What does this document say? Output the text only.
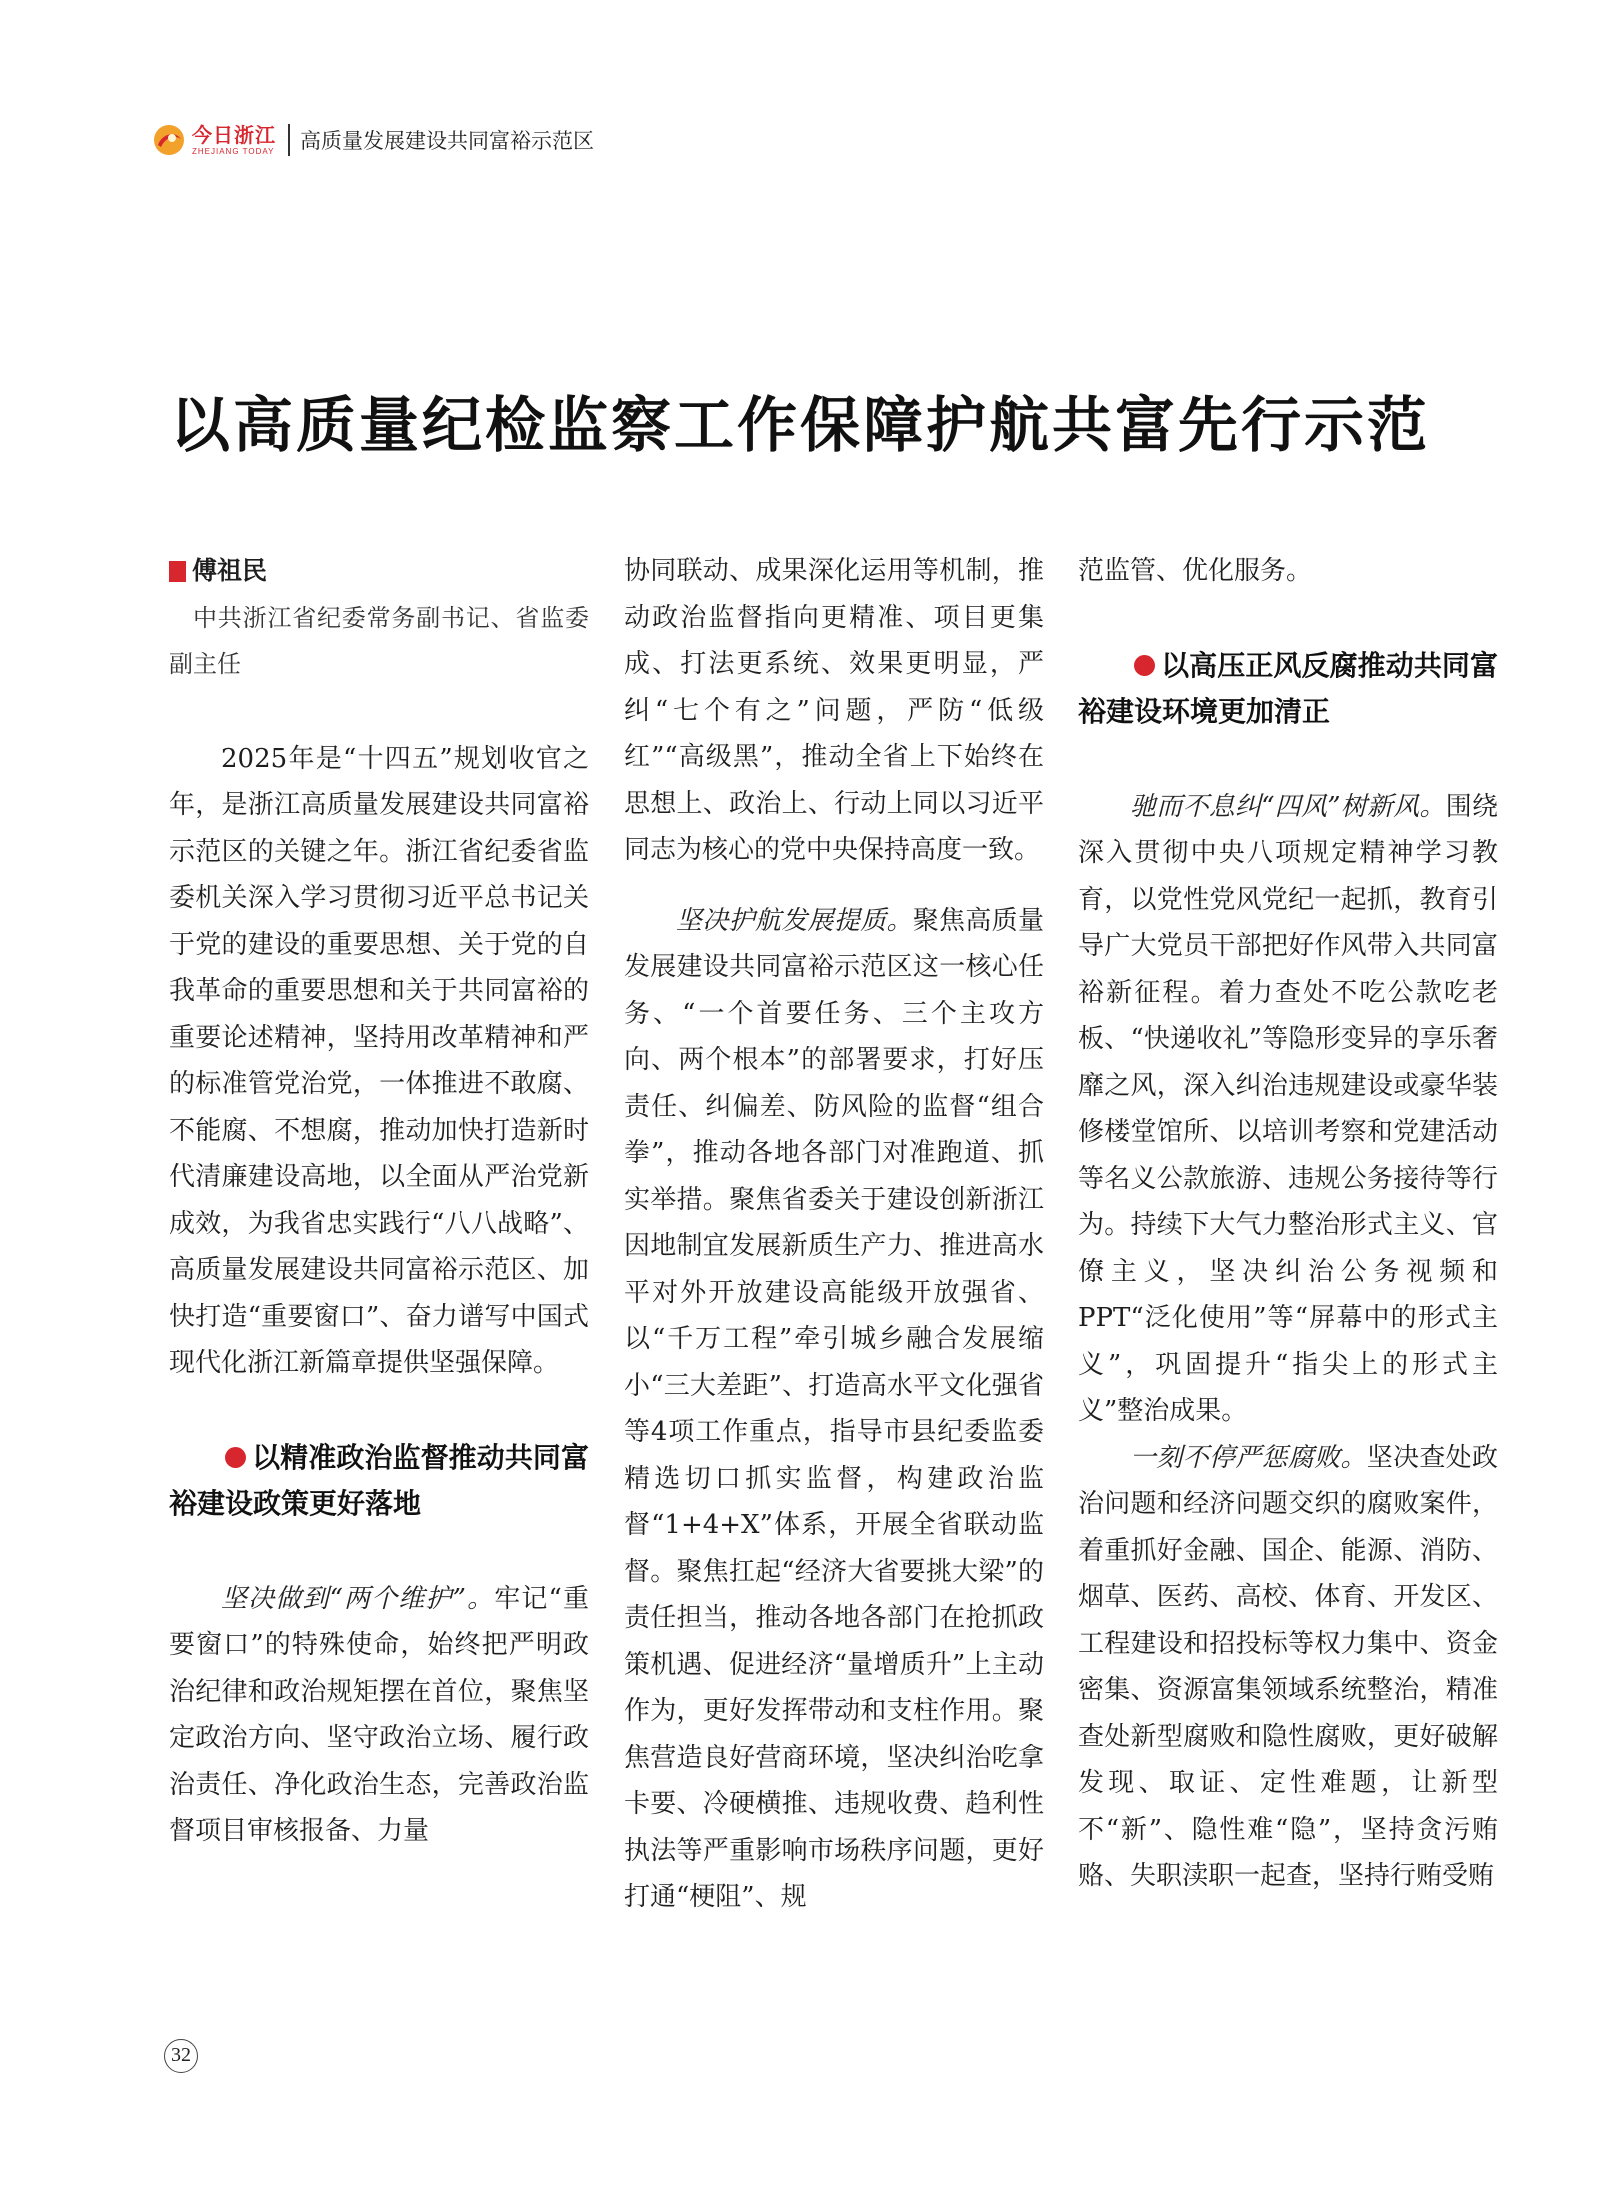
今日浙江
ZHEJIANG TODAY 高质量发展建设共同富裕示范区
以高质量纪检监察工作保障护航共富先行示范
傅祖民
中共浙江省纪委常务副书记、省监委副主任

2025年是“十四五”规划收官之年，是浙江高质量发展建设共同富裕示范区的关键之年。浙江省纪委省监委机关深入学习贯彻习近平总书记关于党的建设的重要思想、关于党的自我革命的重要思想和关于共同富裕的重要论述精神，坚持用改革精神和严的标准管党治党，一体推进不敢腐、不能腐、不想腐，推动加快打造新时代清廉建设高地，以全面从严治党新成效，为我省忠实践行“八八战略”、高质量发展建设共同富裕示范区、加快打造“重要窗口”、奋力谱写中国式现代化浙江新篇章提供坚强保障。

以精准政治监督推动共同富裕建设政策更好落地

坚决做到“两个维护”。牢记“重要窗口”的特殊使命，始终把严明政治纪律和政治规矩摆在首位，聚焦坚定政治方向、坚守政治立场、履行政治责任、净化政治生态，完善政治监督项目审核报备、力量

协同联动、成果深化运用等机制，推动政治监督指向更精准、项目更集成、打法更系统、效果更明显，严纠“七个有之”问题，严防“低级红”“高级黑”，推动全省上下始终在思想上、政治上、行动上同以习近平同志为核心的党中央保持高度一致。

坚决护航发展提质。聚焦高质量发展建设共同富裕示范区这一核心任务、“一个首要任务、三个主攻方向、两个根本”的部署要求，打好压责任、纠偏差、防风险的监督“组合拳”，推动各地各部门对准跑道、抓实举措。聚焦省委关于建设创新浙江因地制宜发展新质生产力、推进高水平对外开放建设高能级开放强省、以“千万工程”牵引城乡融合发展缩小“三大差距”、打造高水平文化强省等4项工作重点，指导市县纪委监委精选切口抓实监督，构建政治监督“1+4+X”体系，开展全省联动监督。聚焦扛起“经济大省要挑大梁”的责任担当，推动各地各部门在抢抓政策机遇、促进经济“量增质升”上主动作为，更好发挥带动和支柱作用。聚焦营造良好营商环境，坚决纠治吃拿卡要、冷硬横推、违规收费、趋利性执法等严重影响市场秩序问题，更好打通“梗阻”、规

范监管、优化服务。

以高压正风反腐推动共同富裕建设环境更加清正

驰而不息纠“四风”树新风。围绕深入贯彻中央八项规定精神学习教育，以党性党风党纪一起抓，教育引导广大党员干部把好作风带入共同富裕新征程。着力查处不吃公款吃老板、“快递收礼”等隐形变异的享乐奢靡之风，深入纠治违规建设或豪华装修楼堂馆所、以培训考察和党建活动等名义公款旅游、违规公务接待等行为。持续下大气力整治形式主义、官僚主义，坚决纠治公务视频和PPT“泛化使用”等“屏幕中的形式主义”，巩固提升“指尖上的形式主义”整治成果。

一刻不停严惩腐败。坚决查处政治问题和经济问题交织的腐败案件，着重抓好金融、国企、能源、消防、烟草、医药、高校、体育、开发区、工程建设和招投标等权力集中、资金密集、资源富集领域系统整治，精准查处新型腐败和隐性腐败，更好破解发现、取证、定性难题，让新型不“新”、隐性难“隐”，坚持贪污贿赂、失职渎职一起查，坚持行贿受贿

32
